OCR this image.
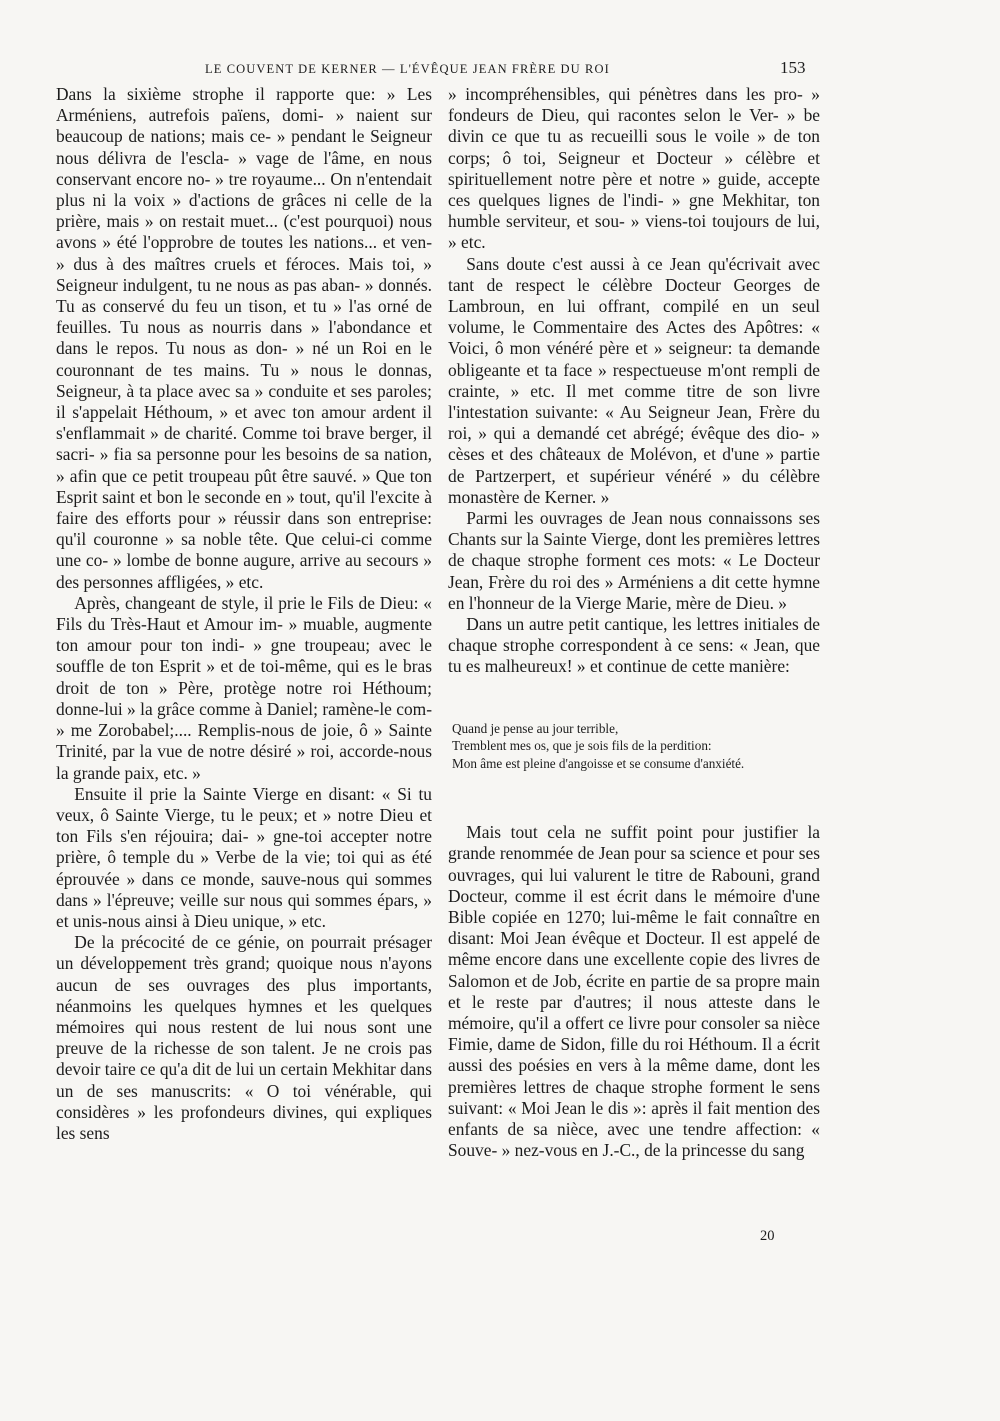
LE COUVENT DE KERNER — L'ÉVÊQUE JEAN FRÈRE DU ROI	153

Dans la sixième strophe il rapporte que: » Les Arméniens, autrefois païens, domi- » naient sur beaucoup de nations; mais ce- » pendant le Seigneur nous délivra de l'escla- » vage de l'âme, en nous conservant encore no- » tre royaume... On n'entendait plus ni la voix » d'actions de grâces ni celle de la prière, mais » on restait muet... (c'est pourquoi) nous avons » été l'opprobre de toutes les nations... et ven- » dus à des maîtres cruels et féroces. Mais toi, » Seigneur indulgent, tu ne nous as pas aban- » donnés. Tu as conservé du feu un tison, et tu » l'as orné de feuilles. Tu nous as nourris dans » l'abondance et dans le repos. Tu nous as don- » né un Roi en le couronnant de tes mains. Tu » nous le donnas, Seigneur, à ta place avec sa » conduite et ses paroles; il s'appelait Héthoum, » et avec ton amour ardent il s'enflammait » de charité. Comme toi brave berger, il sacri- » fia sa personne pour les besoins de sa nation, » afin que ce petit troupeau pût être sauvé. » Que ton Esprit saint et bon le seconde en » tout, qu'il l'excite à faire des efforts pour » réussir dans son entreprise: qu'il couronne » sa noble tête. Que celui-ci comme une co- » lombe de bonne augure, arrive au secours » des personnes affligées, » etc.

Après, changeant de style, il prie le Fils de Dieu: « Fils du Très-Haut et Amour im- » muable, augmente ton amour pour ton indi- » gne troupeau; avec le souffle de ton Esprit » et de toi-même, qui es le bras droit de ton » Père, protège notre roi Héthoum; donne-lui » la grâce comme à Daniel; ramène-le com- » me Zorobabel;.... Remplis-nous de joie, ô » Sainte Trinité, par la vue de notre désiré » roi, accorde-nous la grande paix, etc. »

Ensuite il prie la Sainte Vierge en disant: « Si tu veux, ô Sainte Vierge, tu le peux; et » notre Dieu et ton Fils s'en réjouira; dai- » gne-toi accepter notre prière, ô temple du » Verbe de la vie; toi qui as été éprouvée » dans ce monde, sauve-nous qui sommes dans » l'épreuve; veille sur nous qui sommes épars, » et unis-nous ainsi à Dieu unique, » etc.

De la précocité de ce génie, on pourrait présager un développement très grand; quoique nous n'ayons aucun de ses ouvrages des plus importants, néanmoins les quelques hymnes et les quelques mémoires qui nous restent de lui nous sont une preuve de la richesse de son talent. Je ne crois pas devoir taire ce qu'a dit de lui un certain Mekhitar dans un de ses manuscrits: « O toi vénérable, qui considères » les profondeurs divines, qui expliques les sens

» incompréhensibles, qui pénètres dans les pro- » fondeurs de Dieu, qui racontes selon le Ver- » be divin ce que tu as recueilli sous le voile » de ton corps; ô toi, Seigneur et Docteur » célèbre et spirituellement notre père et notre » guide, accepte ces quelques lignes de l'indi- » gne Mekhitar, ton humble serviteur, et sou- » viens-toi toujours de lui, » etc.

Sans doute c'est aussi à ce Jean qu'écrivait avec tant de respect le célèbre Docteur Georges de Lambroun, en lui offrant, compilé en un seul volume, le Commentaire des Actes des Apôtres: « Voici, ô mon vénéré père et » seigneur: ta demande obligeante et ta face » respectueuse m'ont rempli de crainte, » etc. Il met comme titre de son livre l'intestation suivante: « Au Seigneur Jean, Frère du roi, » qui a demandé cet abrégé; évêque des dio- » cèses et des châteaux de Molévon, et d'une » partie de Partzerpert, et supérieur vénéré » du célèbre monastère de Kerner. »

Parmi les ouvrages de Jean nous connaissons ses Chants sur la Sainte Vierge, dont les premières lettres de chaque strophe forment ces mots: « Le Docteur Jean, Frère du roi des » Arméniens a dit cette hymne en l'honneur de la Vierge Marie, mère de Dieu. »

Dans un autre petit cantique, les lettres initiales de chaque strophe correspondent à ce sens: « Jean, que tu es malheureux! » et continue de cette manière:

Quand je pense au jour terrible,
Tremblent mes os, que je sois fils de la perdition:
Mon âme est pleine d'angoisse et se consume d'anxiété.

Mais tout cela ne suffit point pour justifier la grande renommée de Jean pour sa science et pour ses ouvrages, qui lui valurent le titre de Rabouni, grand Docteur, comme il est écrit dans le mémoire d'une Bible copiée en 1270; lui-même le fait connaître en disant: Moi Jean évêque et Docteur. Il est appelé de même encore dans une excellente copie des livres de Salomon et de Job, écrite en partie de sa propre main et le reste par d'autres; il nous atteste dans le mémoire, qu'il a offert ce livre pour consoler sa nièce Fimie, dame de Sidon, fille du roi Héthoum. Il a écrit aussi des poésies en vers à la même dame, dont les premières lettres de chaque strophe forment le sens suivant: « Moi Jean le dis »: après il fait mention des enfants de sa nièce, avec une tendre affection: « Souve- » nez-vous en J.-C., de la princesse du sang

20
